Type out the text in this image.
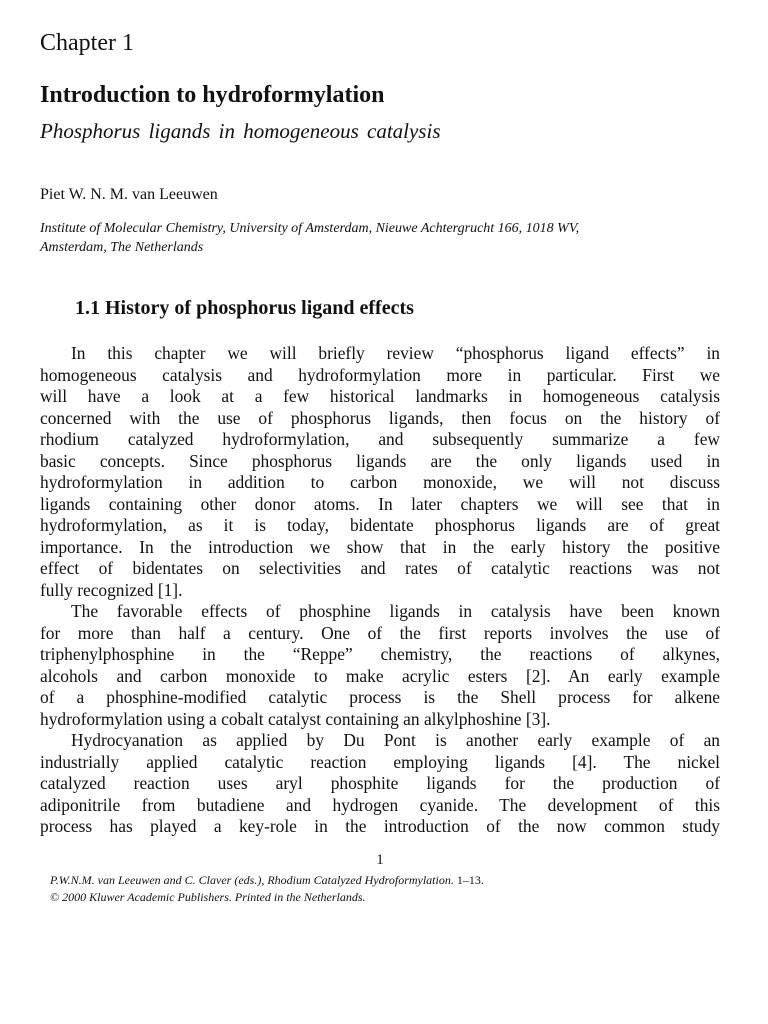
Chapter 1
Introduction to hydroformylation
Phosphorus ligands in homogeneous catalysis
Piet W. N. M. van Leeuwen
Institute of Molecular Chemistry, University of Amsterdam, Nieuwe Achtergrucht 166, 1018 WV,
Amsterdam, The Netherlands
1.1 History of phosphorus ligand effects
In this chapter we will briefly review “phosphorus ligand effects” in
homogeneous catalysis and hydroformylation more in particular. First we
will have a look at a few historical landmarks in homogeneous catalysis
concerned with the use of phosphorus ligands, then focus on the history of
rhodium catalyzed hydroformylation, and subsequently summarize a few
basic concepts. Since phosphorus ligands are the only ligands used in
hydroformylation in addition to carbon monoxide, we will not discuss
ligands containing other donor atoms. In later chapters we will see that in
hydroformylation, as it is today, bidentate phosphorus ligands are of great
importance. In the introduction we show that in the early history the positive
effect of bidentates on selectivities and rates of catalytic reactions was not
fully recognized [1].
The favorable effects of phosphine ligands in catalysis have been known
for more than half a century. One of the first reports involves the use of
triphenylphosphine in the “Reppe” chemistry, the reactions of alkynes,
alcohols and carbon monoxide to make acrylic esters [2]. An early example
of a phosphine-modified catalytic process is the Shell process for alkene
hydroformylation using a cobalt catalyst containing an alkylphoshine [3].
Hydrocyanation as applied by Du Pont is another early example of an
industrially applied catalytic reaction employing ligands [4]. The nickel
catalyzed reaction uses aryl phosphite ligands for the production of
adiponitrile from butadiene and hydrogen cyanide. The development of this
process has played a key-role in the introduction of the now common study
1
P.W.N.M. van Leeuwen and C. Claver (eds.), Rhodium Catalyzed Hydroformylation. 1–13.
© 2000 Kluwer Academic Publishers. Printed in the Netherlands.
